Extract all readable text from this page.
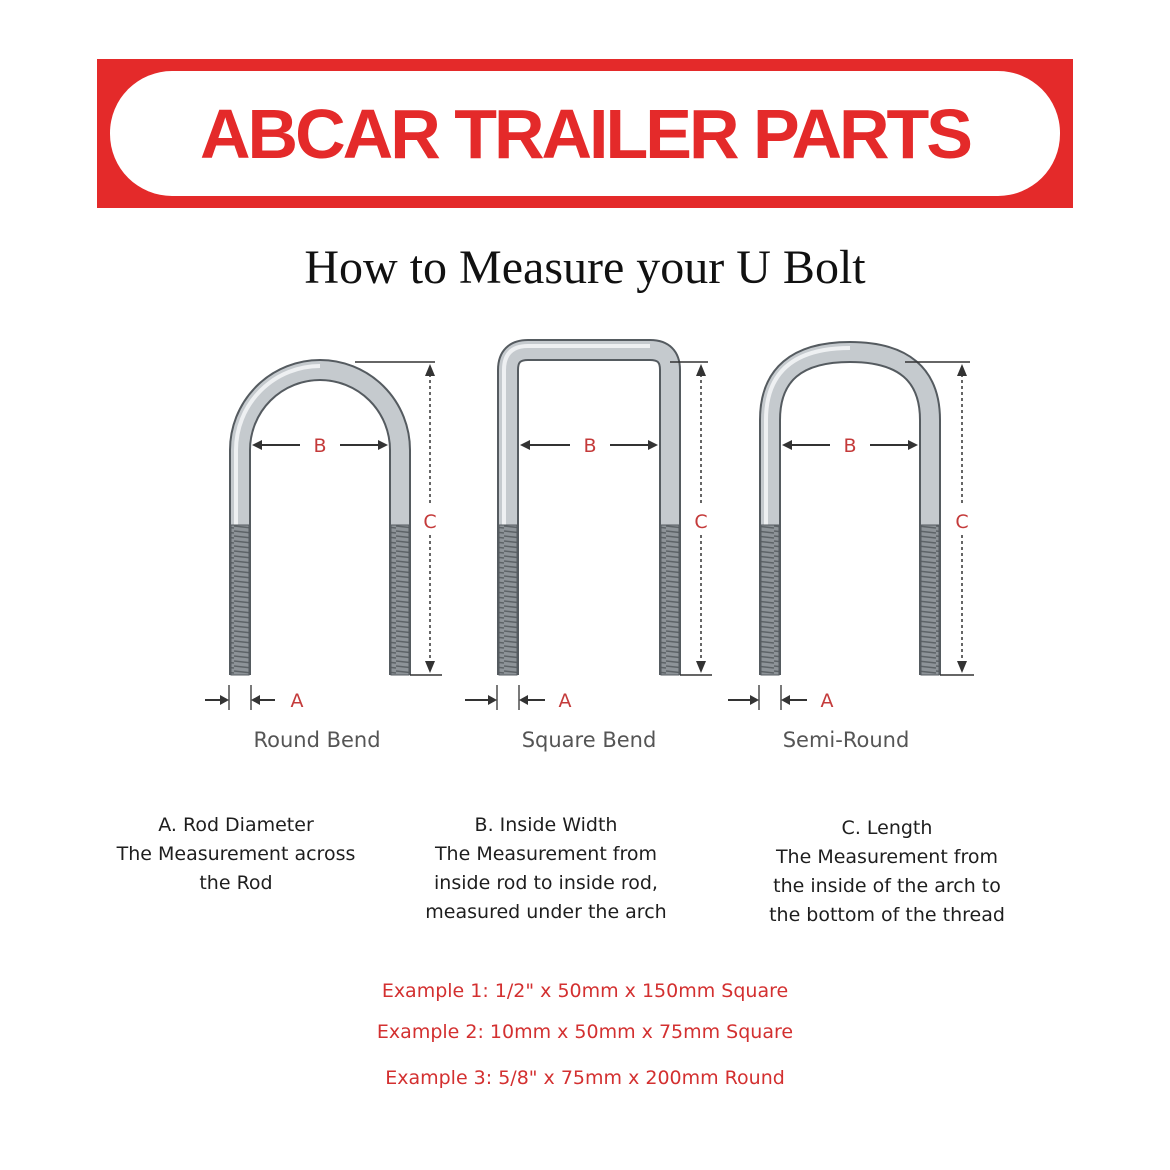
ABCAR TRAILER PARTS
How to Measure your U Bolt
B
C
A
B
C
A
B
C
A
Round Bend	Square Bend	Semi-Round
A. Rod Diameter
The Measurement across
the Rod
B. Inside Width
The Measurement from
inside rod to inside rod,
measured under the arch
C. Length
The Measurement from
the inside of the arch to
the bottom of the thread
Example 1: 1/2" x 50mm x 150mm Square
Example 2: 10mm x 50mm x 75mm Square
Example 3: 5/8" x 75mm x 200mm Round
